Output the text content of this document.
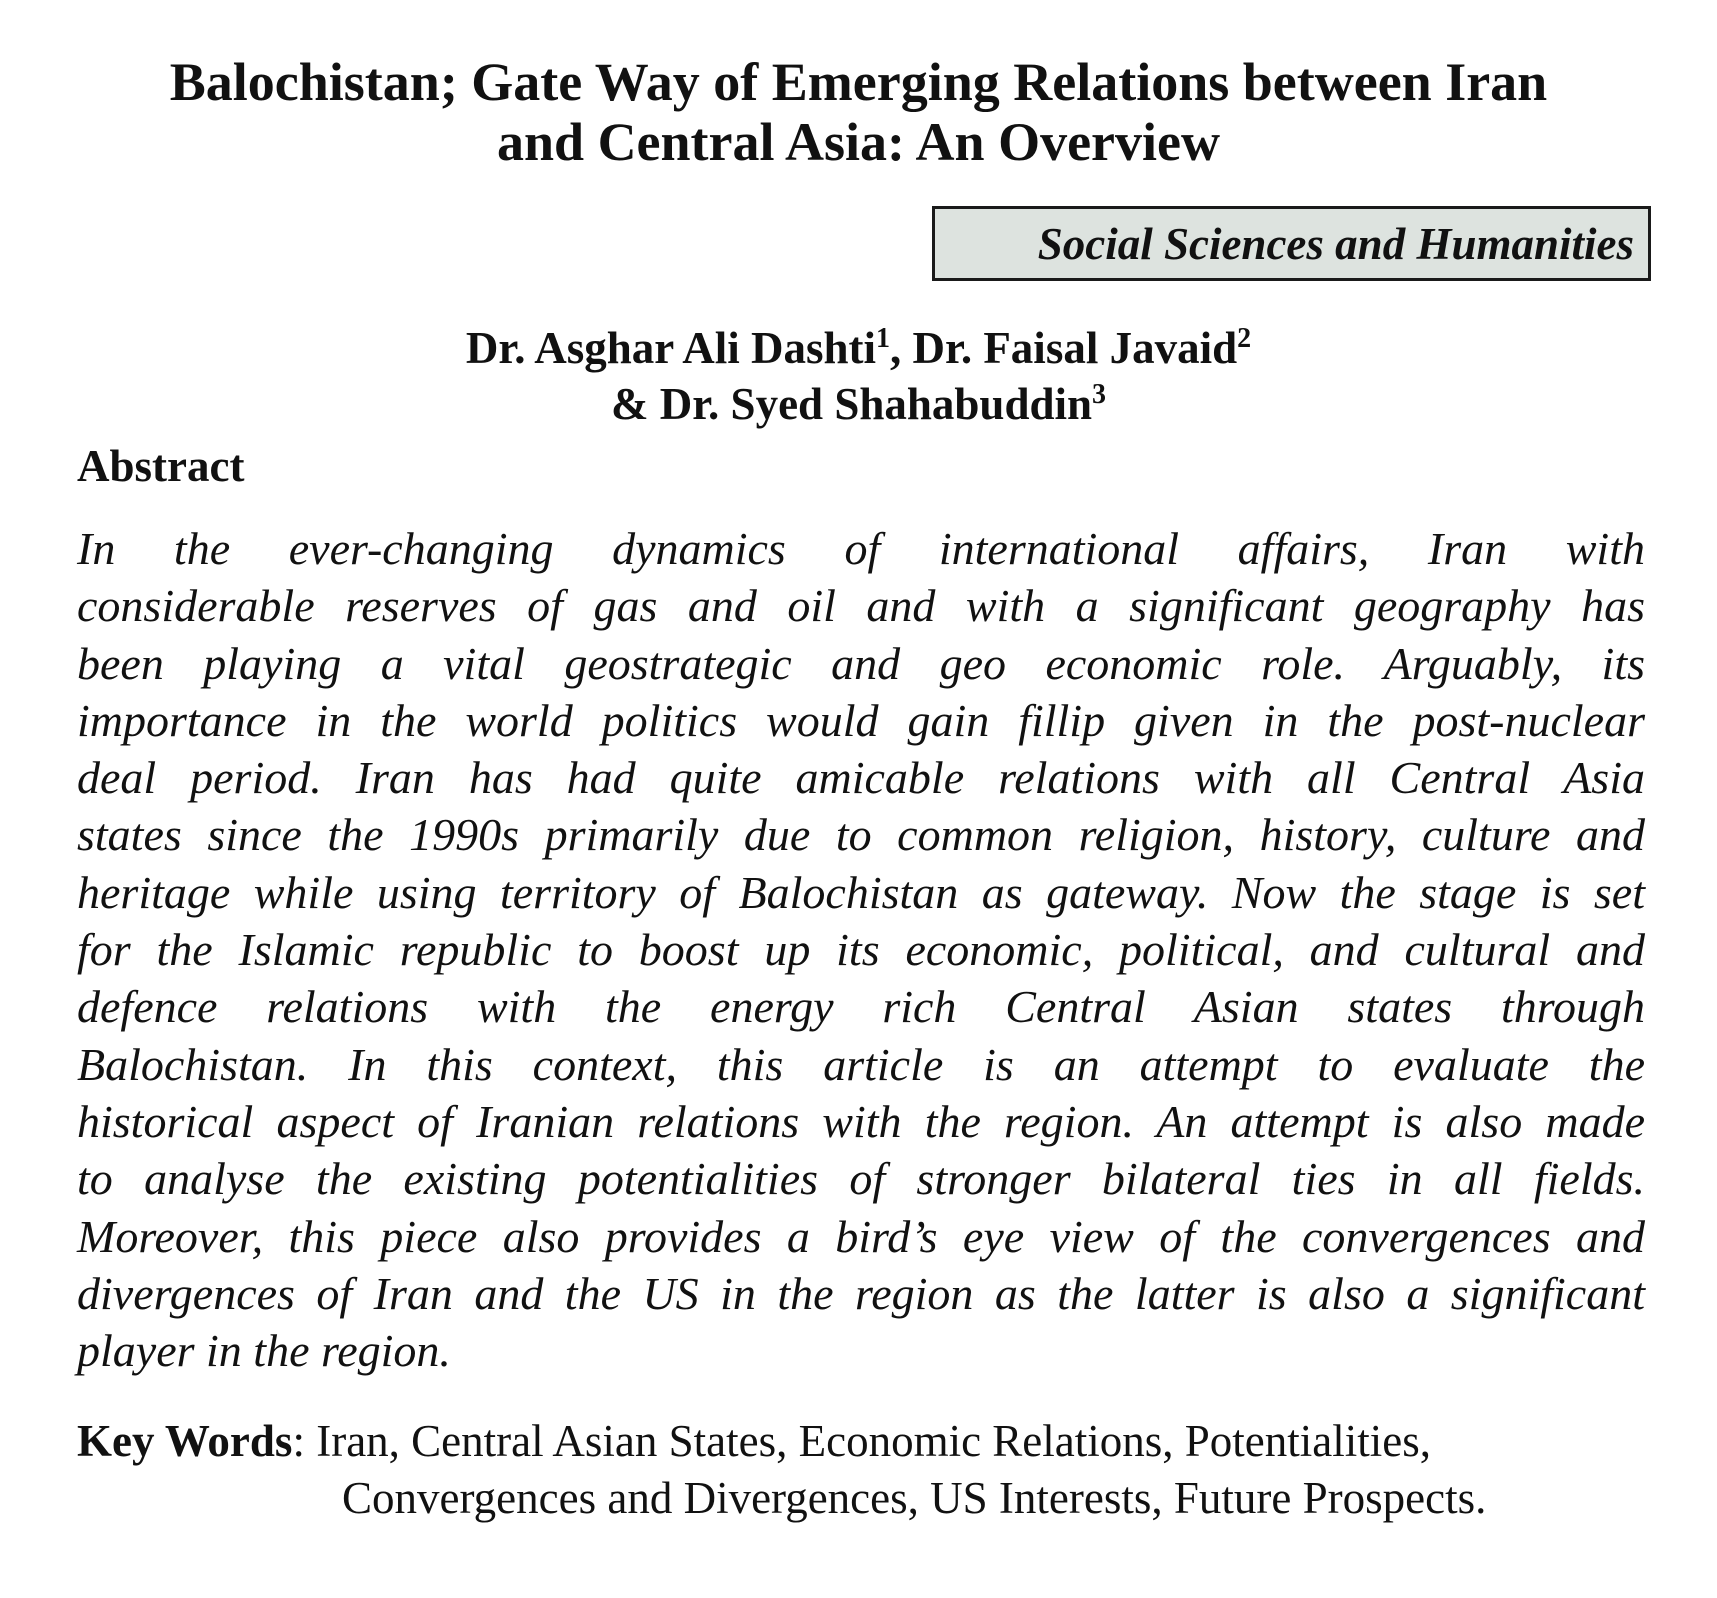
Balochistan; Gate Way of Emerging Relations between Iran
and Central Asia: An Overview
Social Sciences and Humanities
Dr. Asghar Ali Dashti$^1$, Dr. Faisal Javaid$^2$
& Dr. Syed Shahabuddin$^3$
Abstract

In the ever-changing dynamics of international affairs, Iran with
considerable reserves of gas and oil and with a significant geography has
been playing a vital geostrategic and geo economic role. Arguably, its
importance in the world politics would gain fillip given in the post-nuclear
deal period. Iran has had quite amicable relations with all Central Asia
states since the 1990s primarily due to common religion, history, culture and
heritage while using territory of Balochistan as gateway. Now the stage is set
for the Islamic republic to boost up its economic, political, and cultural and
defence relations with the energy rich Central Asian states through
Balochistan. In this context, this article is an attempt to evaluate the
historical aspect of Iranian relations with the region. An attempt is also made
to analyse the existing potentialities of stronger bilateral ties in all fields.
Moreover, this piece also provides a bird’s eye view of the convergences and
divergences of Iran and the US in the region as the latter is also a significant
player in the region.

Key Words: Iran, Central Asian States, Economic Relations, Potentialities,
Convergences and Divergences, US Interests, Future Prospects.
